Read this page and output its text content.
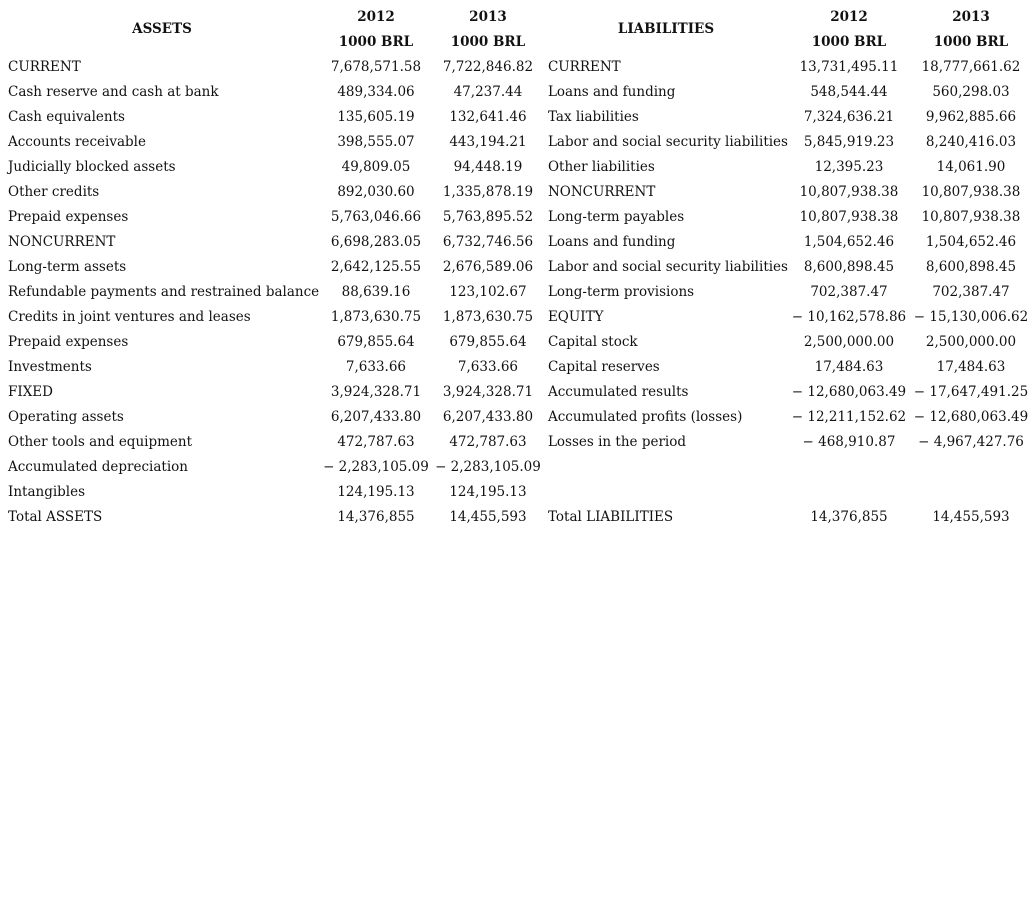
ASSETS	2012	2013	LIABILITIES	2012	2013
	1000 BRL	1000 BRL		1000 BRL	1000 BRL
CURRENT	7,678,571.58	7,722,846.82	CURRENT	13,731,495.11	18,777,661.62
Cash reserve and cash at bank	489,334.06	47,237.44	Loans and funding	548,544.44	560,298.03
Cash equivalents	135,605.19	132,641.46	Tax liabilities	7,324,636.21	9,962,885.66
Accounts receivable	398,555.07	443,194.21	Labor and social security liabilities	5,845,919.23	8,240,416.03
Judicially blocked assets	49,809.05	94,448.19	Other liabilities	12,395.23	14,061.90
Other credits	892,030.60	1,335,878.19	NONCURRENT	10,807,938.38	10,807,938.38
Prepaid expenses	5,763,046.66	5,763,895.52	Long-term payables	10,807,938.38	10,807,938.38
NONCURRENT	6,698,283.05	6,732,746.56	Loans and funding	1,504,652.46	1,504,652.46
Long-term assets	2,642,125.55	2,676,589.06	Labor and social security liabilities	8,600,898.45	8,600,898.45
Refundable payments and restrained balance	88,639.16	123,102.67	Long-term provisions	702,387.47	702,387.47
Credits in joint ventures and leases	1,873,630.75	1,873,630.75	EQUITY	− 10,162,578.86	− 15,130,006.62
Prepaid expenses	679,855.64	679,855.64	Capital stock	2,500,000.00	2,500,000.00
Investments	7,633.66	7,633.66	Capital reserves	17,484.63	17,484.63
FIXED	3,924,328.71	3,924,328.71	Accumulated results	− 12,680,063.49	− 17,647,491.25
Operating assets	6,207,433.80	6,207,433.80	Accumulated profits (losses)	− 12,211,152.62	− 12,680,063.49
Other tools and equipment	472,787.63	472,787.63	Losses in the period	− 468,910.87	− 4,967,427.76
Accumulated depreciation	− 2,283,105.09	− 2,283,105.09			
Intangibles	124,195.13	124,195.13			
Total ASSETS	14,376,855	14,455,593	Total LIABILITIES	14,376,855	14,455,593
